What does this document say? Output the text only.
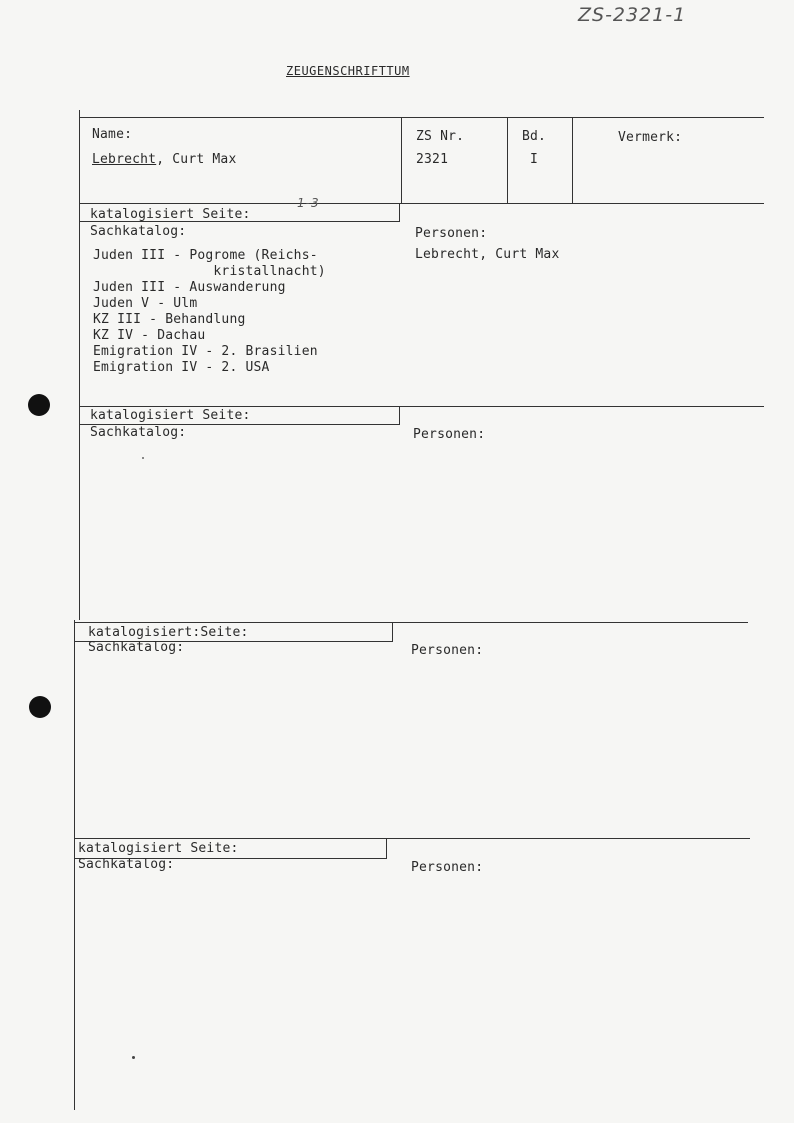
ZS-2321-1
ZEUGENSCHRIFTTUM
Name:
Lebrecht, Curt Max
ZS Nr.
2321
Bd.
I
Vermerk:
katalogisiert Seite:
1-3
Sachkatalog:
Juden III - Pogrome (Reichs-
kristallnacht)
Juden III - Auswanderung
Juden V - Ulm
KZ III - Behandlung
KZ IV - Dachau
Emigration IV - 2. Brasilien
Emigration IV - 2. USA
Personen:
Lebrecht, Curt Max
katalogisiert Seite:
Sachkatalog:	Personen:
katalogisiert:Seite:
Sachkatalog:	Personen:
katalogisiert Seite:
Sachkatalog:	Personen:
